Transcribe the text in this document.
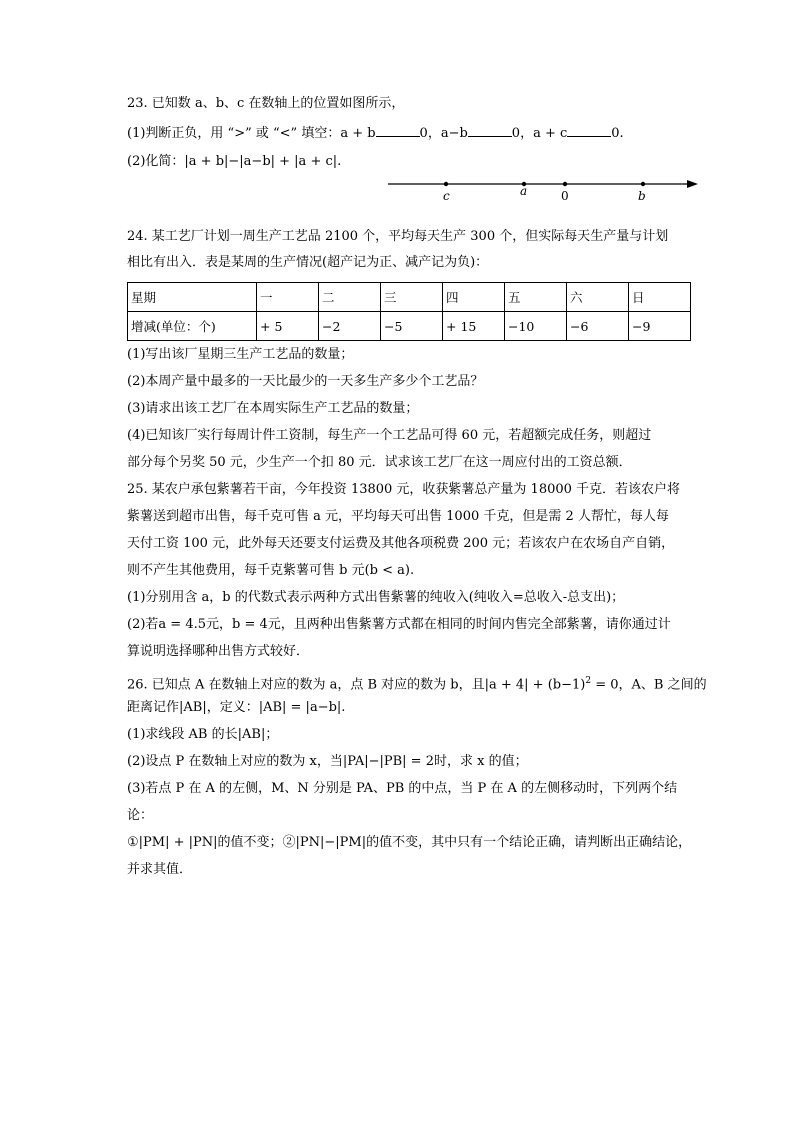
23. 已知数 a、b、c 在数轴上的位置如图所示，
(1)判断正负，用 “>” 或 “<” 填空：a + b	0，a−b	0，a + c	0.
(2)化简：|a + b|−|a−b| + |a + c|.
c	a	0	b
24. 某工艺厂计划一周生产工艺品 2100 个，平均每天生产 300 个，但实际每天生产量与计划
相比有出入．表是某周的生产情况(超产记为正、减产记为负)：
星期	一	二	三	四	五	六	日
增减(单位：个)	+ 5	−2	−5	+ 15	−10	−6	−9
(1)写出该厂星期三生产工艺品的数量；
(2)本周产量中最多的一天比最少的一天多生产多少个工艺品？
(3)请求出该工艺厂在本周实际生产工艺品的数量；
(4)已知该厂实行每周计件工资制，每生产一个工艺品可得 60 元，若超额完成任务，则超过
部分每个另奖 50 元，少生产一个扣 80 元．试求该工艺厂在这一周应付出的工资总额．
25. 某农户承包紫薯若干亩，今年投资 13800 元，收获紫薯总产量为 18000 千克．若该农户将
紫薯送到超市出售，每千克可售 a 元，平均每天可出售 1000 千克，但是需 2 人帮忙，每人每
天付工资 100 元，此外每天还要支付运费及其他各项税费 200 元；若该农户在农场自产自销，
则不产生其他费用，每千克紫薯可售 b 元(b < a).
(1)分别用含 a，b 的代数式表示两种方式出售紫薯的纯收入(纯收入=总收入-总支出)；
(2)若a = 4.5元，b = 4元，且两种出售紫薯方式都在相同的时间内售完全部紫薯，请你通过计
算说明选择哪种出售方式较好．
26. 已知点 A 在数轴上对应的数为 a，点 B 对应的数为 b，且$|a + 4| + (b-1)^2 = 0$，A、B 之间的
距离记作|AB|，定义：|AB| = |a−b|.
(1)求线段 AB 的长|AB|；
(2)设点 P 在数轴上对应的数为 x，当|PA|−|PB| = 2时，求 x 的值；
(3)若点 P 在 A 的左侧，M、N 分别是 PA、PB 的中点，当 P 在 A 的左侧移动时，下列两个结
论：
①|PM| + |PN|的值不变；②|PN|−|PM|的值不变，其中只有一个结论正确，请判断出正确结论，
并求其值．
